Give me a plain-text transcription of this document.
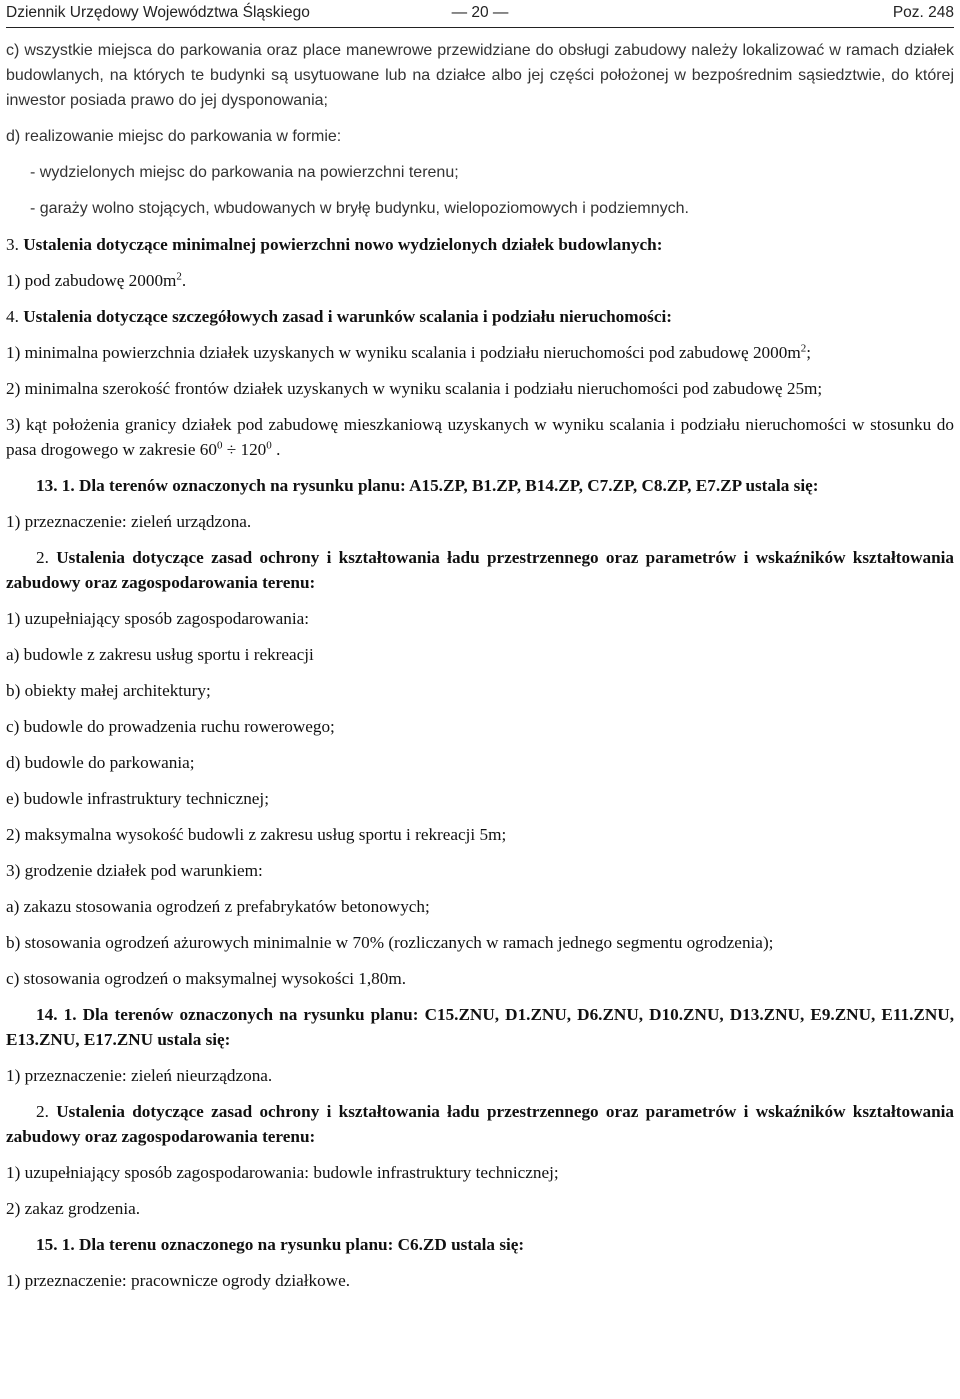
Dziennik Urzędowy Województwa Śląskiego	— 20 —	Poz. 248

c) wszystkie miejsca do parkowania oraz place manewrowe przewidziane do obsługi zabudowy należy lokalizować w ramach działek budowlanych, na których te budynki są usytuowane lub na działce albo jej części położonej w bezpośrednim sąsiedztwie, do której inwestor posiada prawo do jej dysponowania;

d) realizowanie miejsc do parkowania w formie:

- wydzielonych miejsc do parkowania na powierzchni terenu;

- garaży wolno stojących, wbudowanych w bryłę budynku, wielopoziomowych i podziemnych.

3. Ustalenia dotyczące minimalnej powierzchni nowo wydzielonych działek budowlanych:

1) pod zabudowę $2000m^2$.

4. Ustalenia dotyczące szczegółowych zasad i warunków scalania i podziału nieruchomości:

1) minimalna powierzchnia działek uzyskanych w wyniku scalania i podziału nieruchomości pod zabudowę $2000m^2$;

2) minimalna szerokość frontów działek uzyskanych w wyniku scalania i podziału nieruchomości pod zabudowę 25m;

3) kąt położenia granicy działek pod zabudowę mieszkaniową uzyskanych w wyniku scalania i podziału nieruchomości w stosunku do pasa drogowego w zakresie $60^0 \div 120^0$ .

13. 1. Dla terenów oznaczonych na rysunku planu: A15.ZP, B1.ZP, B14.ZP, C7.ZP, C8.ZP, E7.ZP ustala się:

1) przeznaczenie: zieleń urządzona.

2. Ustalenia dotyczące zasad ochrony i kształtowania ładu przestrzennego oraz parametrów i wskaźników kształtowania zabudowy oraz zagospodarowania terenu:

1) uzupełniający sposób zagospodarowania:

a) budowle z zakresu usług sportu i rekreacji

b) obiekty małej architektury;

c) budowle do prowadzenia ruchu rowerowego;

d) budowle do parkowania;

e) budowle infrastruktury technicznej;

2) maksymalna wysokość budowli z zakresu usług sportu i rekreacji 5m;

3) grodzenie działek pod warunkiem:

a) zakazu stosowania ogrodzeń z prefabrykatów betonowych;

b) stosowania ogrodzeń ażurowych minimalnie w 70% (rozliczanych w ramach jednego segmentu ogrodzenia);

c) stosowania ogrodzeń o maksymalnej wysokości 1,80m.

14. 1. Dla terenów oznaczonych na rysunku planu: C15.ZNU, D1.ZNU, D6.ZNU, D10.ZNU, D13.ZNU, E9.ZNU, E11.ZNU, E13.ZNU, E17.ZNU ustala się:

1) przeznaczenie: zieleń nieurządzona.

2. Ustalenia dotyczące zasad ochrony i kształtowania ładu przestrzennego oraz parametrów i wskaźników kształtowania zabudowy oraz zagospodarowania terenu:

1) uzupełniający sposób zagospodarowania: budowle infrastruktury technicznej;

2) zakaz grodzenia.

15. 1. Dla terenu oznaczonego na rysunku planu: C6.ZD ustala się:

1) przeznaczenie: pracownicze ogrody działkowe.
